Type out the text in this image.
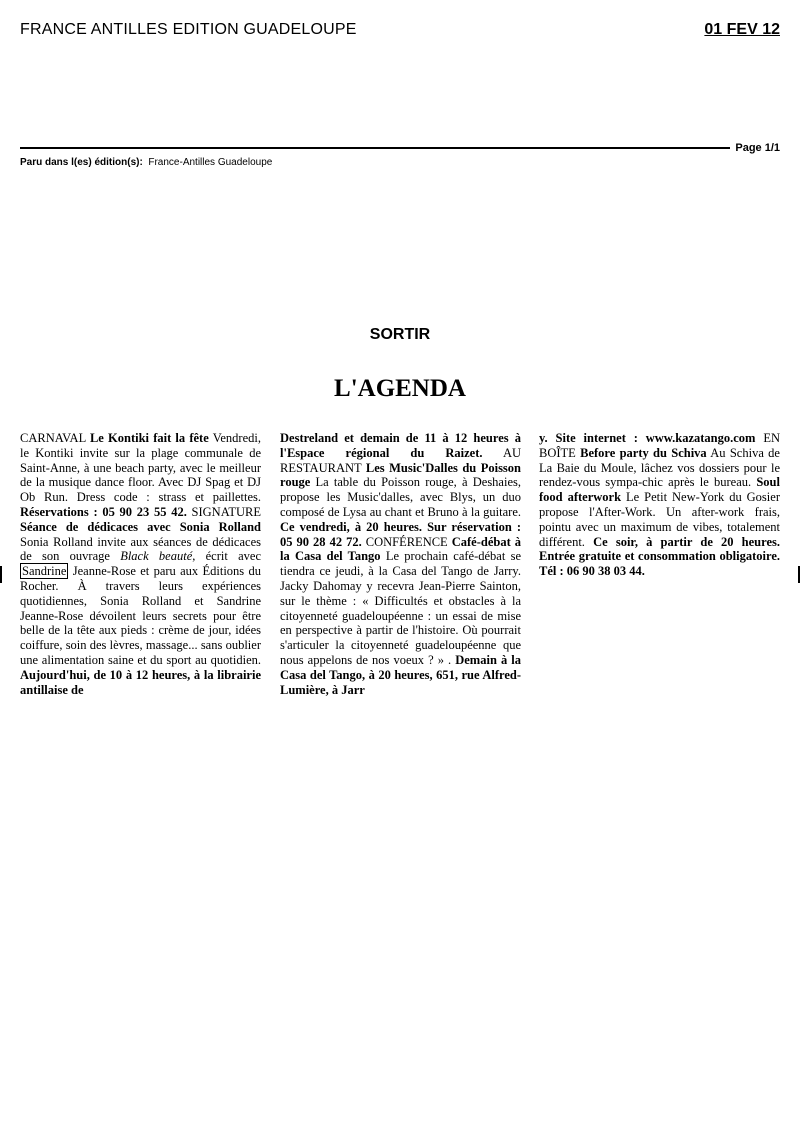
FRANCE ANTILLES EDITION GUADELOUPE	01 FEV 12
Page 1/1
Paru dans l(es) édition(s): France-Antilles Guadeloupe
SORTIR
L'AGENDA
CARNAVAL Le Kontiki fait la fête Vendredi, le Kontiki invite sur la plage communale de Saint-Anne, à une beach party, avec le meilleur de la musique dance floor. Avec DJ Spag et DJ Ob Run. Dress code : strass et paillettes. Réservations : 05 90 23 55 42. SIGNATURE Séance de dédicaces avec Sonia Rolland Sonia Rolland invite aux séances de dédicaces de son ouvrage Black beauté, écrit avec Sandrine Jeanne-Rose et paru aux Éditions du Rocher. À travers leurs expériences quotidiennes, Sonia Rolland et Sandrine Jeanne-Rose dévoilent leurs secrets pour être belle de la tête aux pieds : crème de jour, idées coiffure, soin des lèvres, massage... sans oublier une alimentation saine et du sport au quotidien. Aujourd'hui, de 10 à 12 heures, à la librairie antillaise de
Destreland et demain de 11 à 12 heures à l'Espace régional du Raizet. AU RESTAURANT Les Music'Dalles du Poisson rouge La table du Poisson rouge, à Deshaies, propose les Music'dalles, avec Blys, un duo composé de Lysa au chant et Bruno à la guitare. Ce vendredi, à 20 heures. Sur réservation : 05 90 28 42 72. CONFÉRENCE Café-débat à la Casa del Tango Le prochain café-débat se tiendra ce jeudi, à la Casa del Tango de Jarry. Jacky Dahomay y recevra Jean-Pierre Sainton, sur le thème : « Difficultés et obstacles à la citoyenneté guadeloupéenne : un essai de mise en perspective à partir de l'histoire. Où pourrait s'articuler la citoyenneté guadeloupéenne que nous appelons de nos voeux ? » . Demain à la Casa del Tango, à 20 heures, 651, rue Alfred-Lumière, à Jarr
y. Site internet : www.kazatango.com EN BOÎTE Before party du Schiva Au Schiva de La Baie du Moule, lâchez vos dossiers pour le rendez-vous sympa-chic après le bureau. Soul food afterwork Le Petit New-York du Gosier propose l'After-Work. Un after-work frais, pointu avec un maximum de vibes, totalement différent. Ce soir, à partir de 20 heures. Entrée gratuite et consommation obligatoire. Tél : 06 90 38 03 44.
